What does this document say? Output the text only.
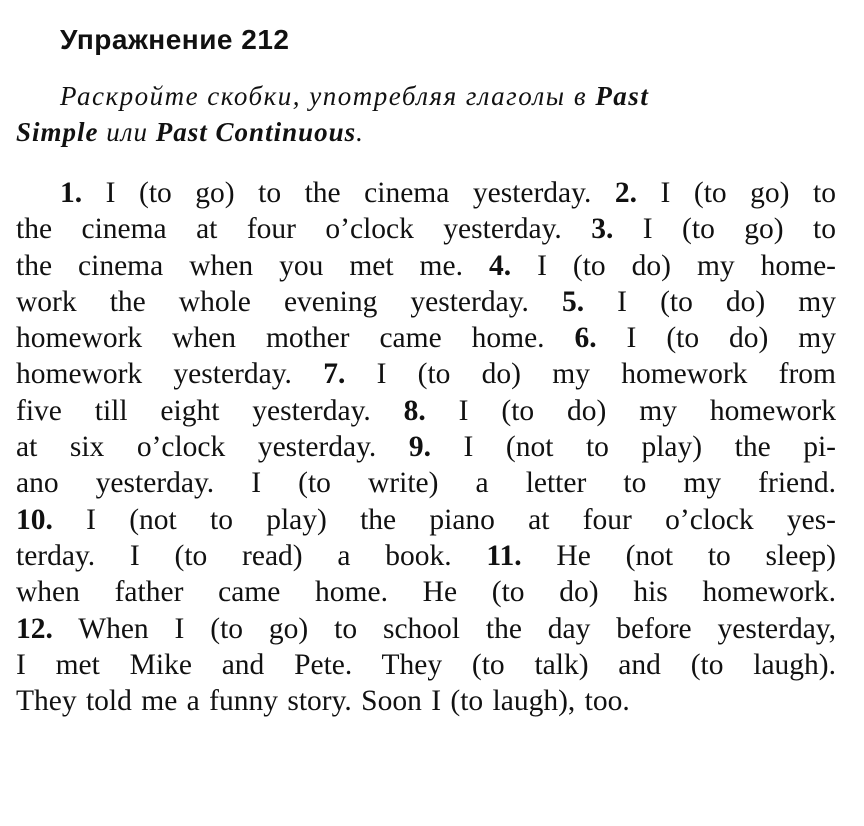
Упражнение 212

Раскройте скобки, употребляя глаголы в Past
Simple или Past Continuous.

1. I (to go) to the cinema yesterday. 2. I (to go) to
the cinema at four o’clock yesterday. 3. I (to go) to
the cinema when you met me. 4. I (to do) my home-
work the whole evening yesterday. 5. I (to do) my
homework when mother came home. 6. I (to do) my
homework yesterday. 7. I (to do) my homework from
five till eight yesterday. 8. I (to do) my homework
at six o’clock yesterday. 9. I (not to play) the pi-
ano yesterday. I (to write) a letter to my friend.
10. I (not to play) the piano at four o’clock yes-
terday. I (to read) a book. 11. He (not to sleep)
when father came home. He (to do) his homework.
12. When I (to go) to school the day before yesterday,
I met Mike and Pete. They (to talk) and (to laugh).
They told me a funny story. Soon I (to laugh), too.
